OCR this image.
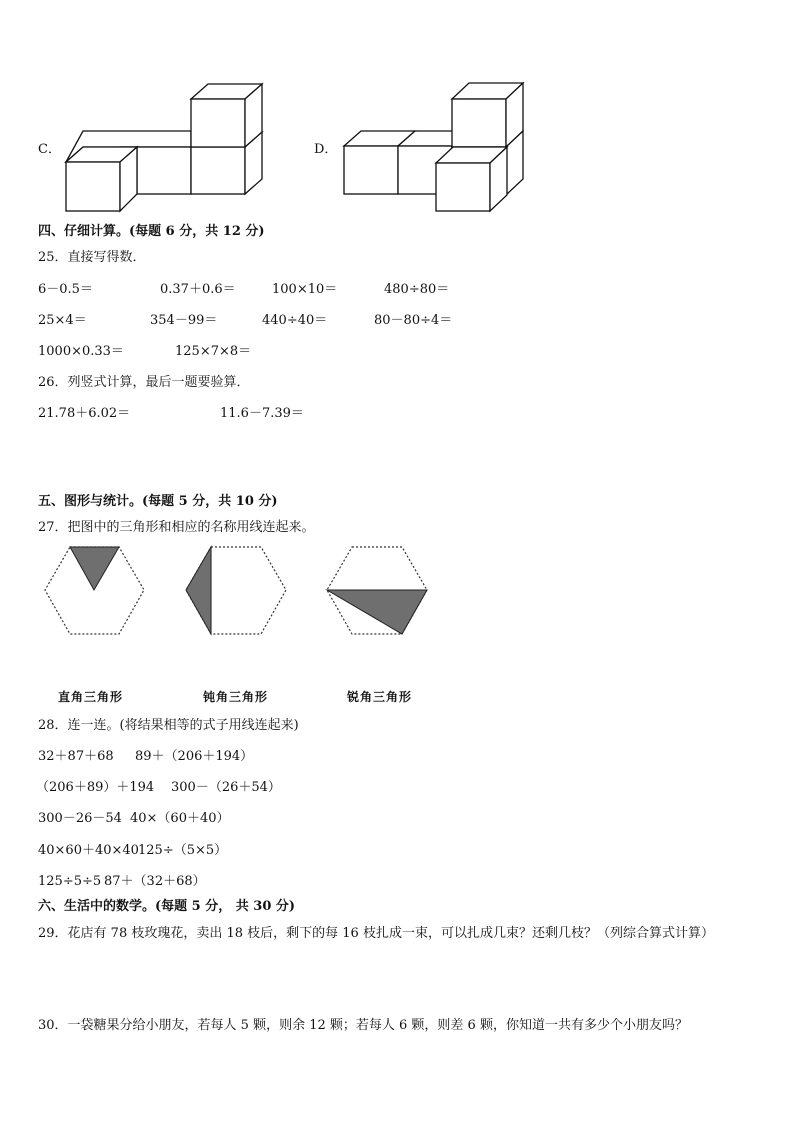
C．	D．
四、仔细计算。(每题 6 分，共 12 分)
25．直接写得数．
6－0.5＝	0.37＋0.6＝	100×10＝	480÷80＝
25×4＝	354－99＝	440÷40＝	80－80÷4＝
1000×0.33＝	125×7×8＝
26．列竖式计算，最后一题要验算．
21.78＋6.02＝	11.6－7.39＝
五、图形与统计。(每题 5 分，共 10 分)
27．把图中的三角形和相应的名称用线连起来。
直角三角形	钝角三角形	锐角三角形
28．连一连。(将结果相等的式子用线连起来)
32＋87＋68 89＋（206＋194）
（206＋89）＋194 300－（26＋54）
300－26－54 40×（60＋40）
40×60＋40×40 125÷（5×5）
125÷5÷5 87＋（32＋68）
六、生活中的数学。(每题 5 分， 共 30 分)
29．花店有 78 枝玫瑰花，卖出 18 枝后，剩下的每 16 枝扎成一束，可以扎成几束？还剩几枝？（列综合算式计算）
30．一袋糖果分给小朋友，若每人 5 颗，则余 12 颗；若每人 6 颗，则差 6 颗，你知道一共有多少个小朋友吗？
